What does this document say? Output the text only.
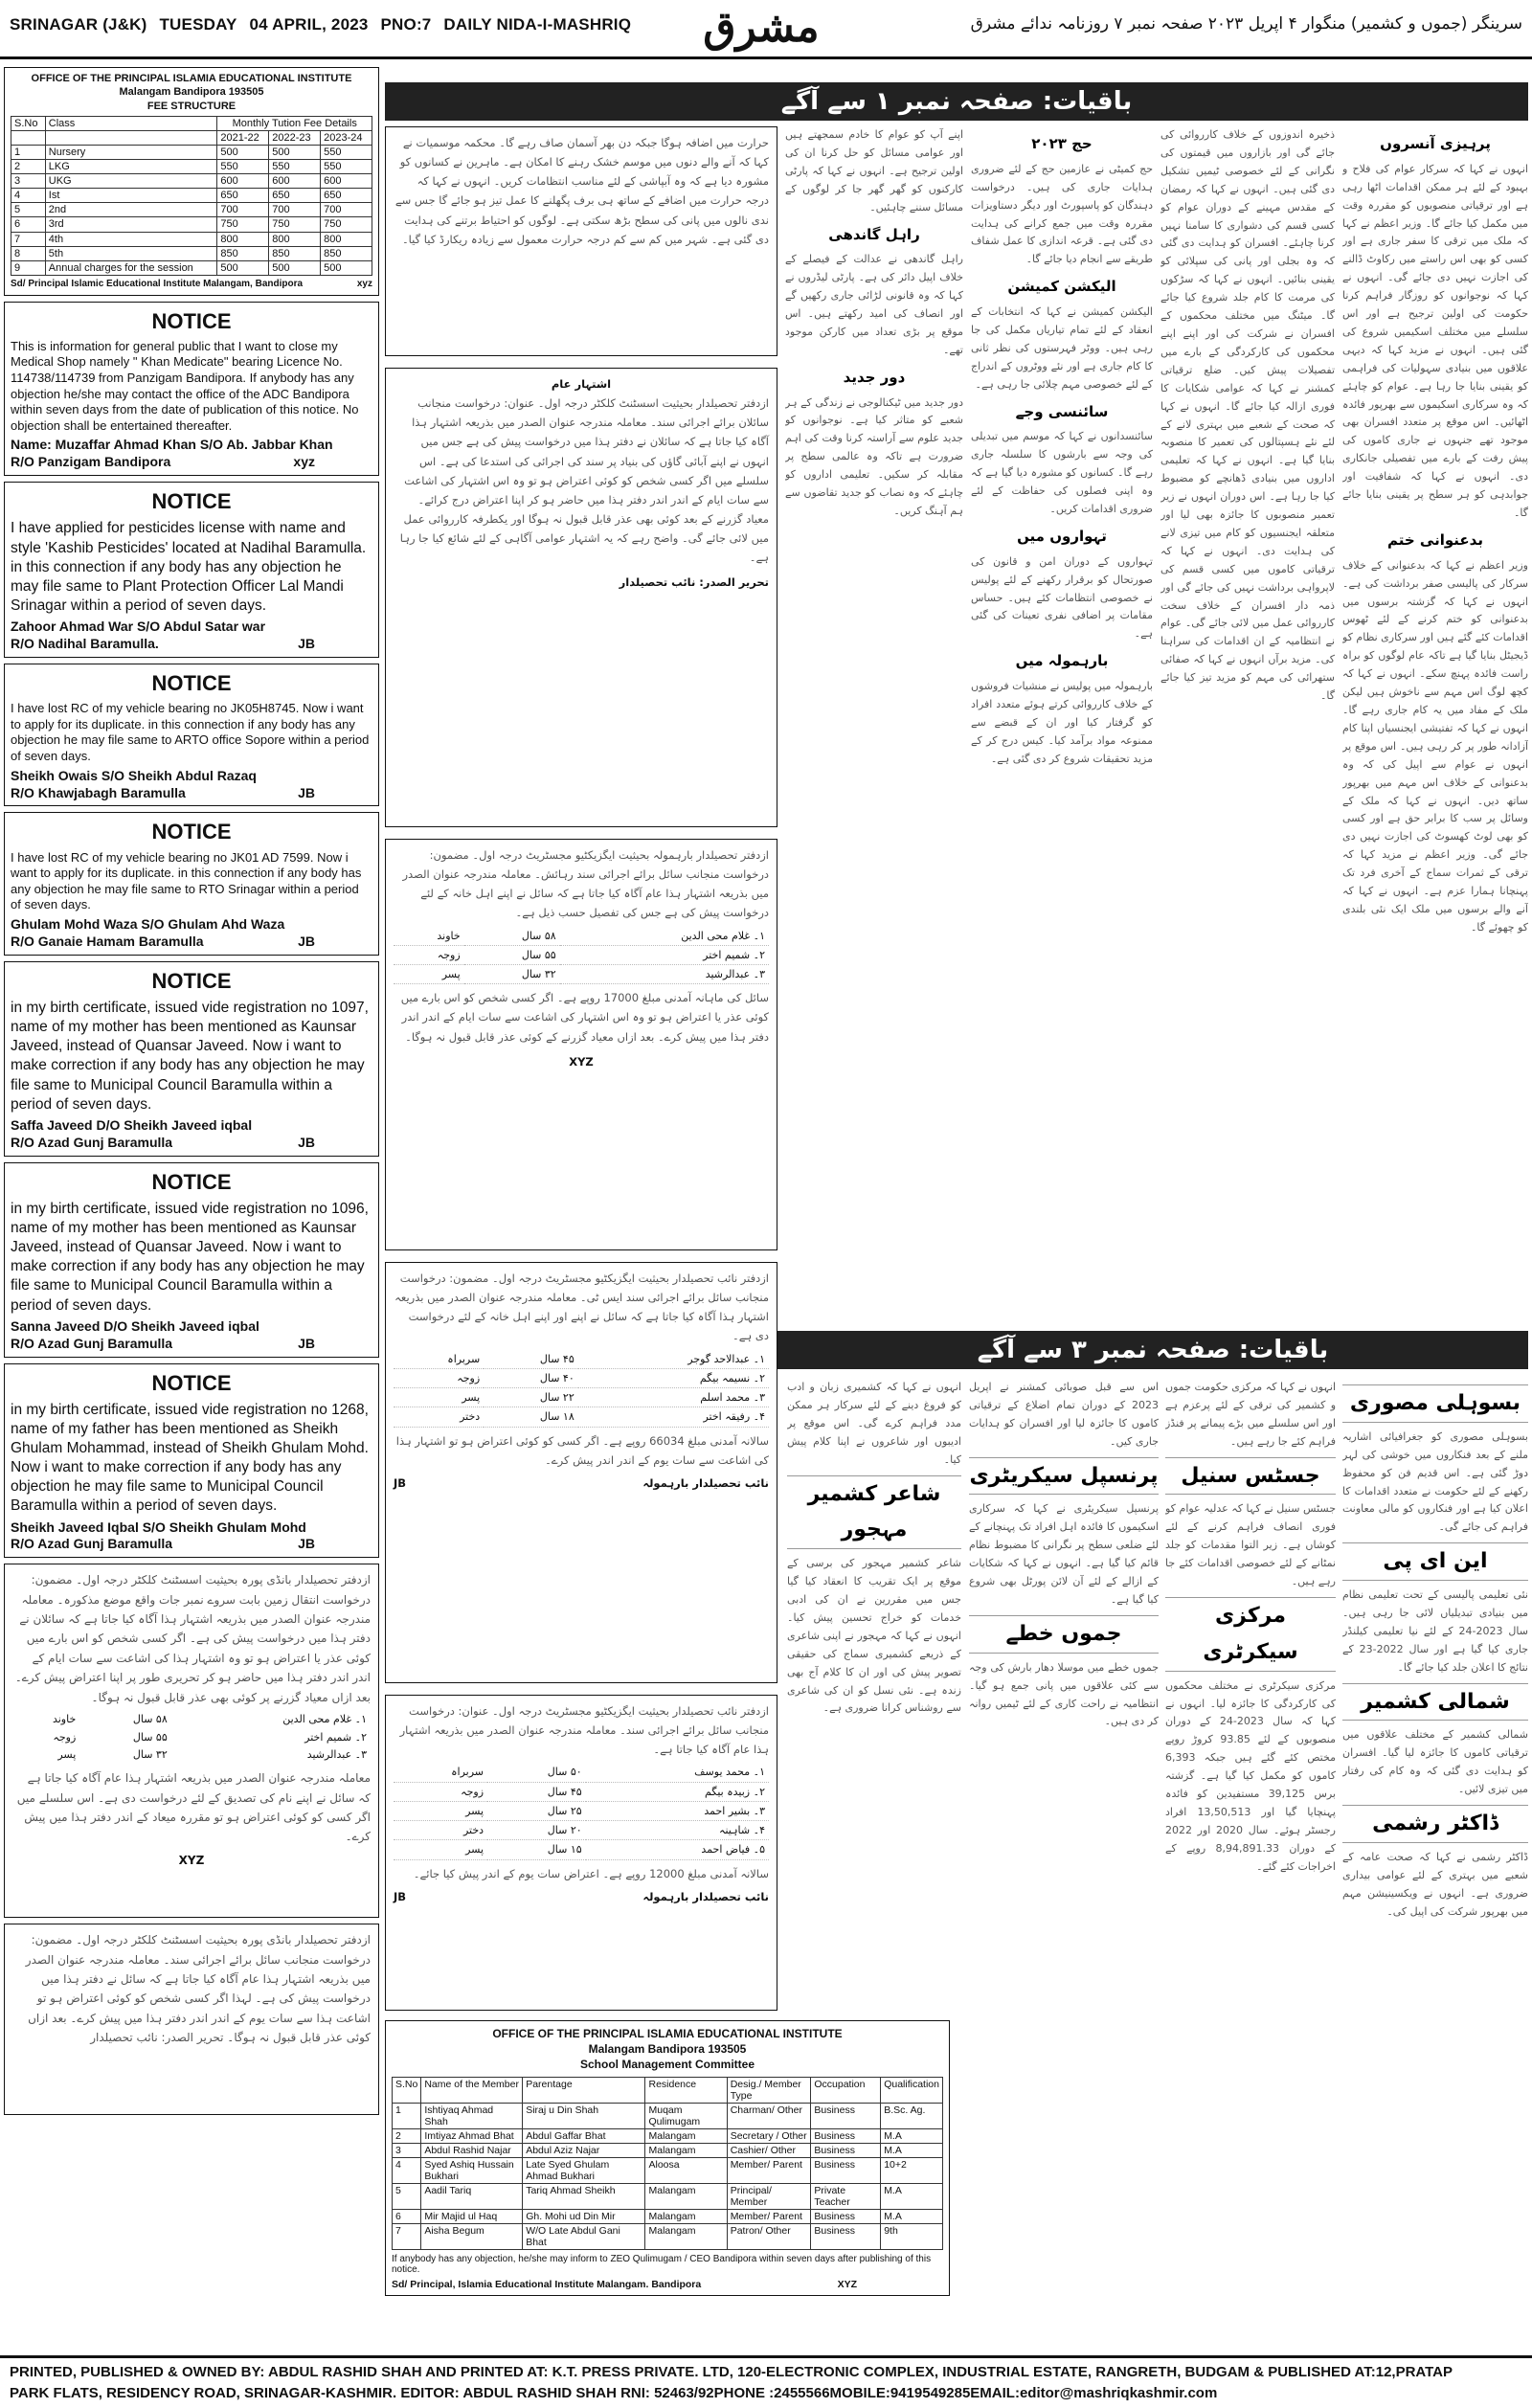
SRINAGAR (J&K) TUESDAY 04 APRIL, 2023 PNO:7 DAILY NIDA-I-MASHRIQ	مشرق	سرینگر (جموں و کشمیر) منگوار ۴ اپریل ۲۰۲۳ صفحہ نمبر ۷ روزنامہ ندائے مشرق
OFFICE OF THE PRINCIPAL ISLAMIA EDUCATIONAL INSTITUTE
Malangam Bandipora 193505
FEE STRUCTURE
S.No	Class	Monthly Tution Fee Details		
		2021-22	2022-23	2023-24
1	Nursery	500	500	550
2	LKG	550	550	550
3	UKG	600	600	600
4	Ist	650	650	650
5	2nd	700	700	700
6	3rd	750	750	750
7	4th	800	800	800
8	5th	850	850	850
9	Annual charges for the session	500	500	500
Sd/ Principal Islamic Educational Institute Malangam, Bandipora	xyz
NOTICE

This is information for general public that I want to close my Medical Shop namely " Khan Medicate" bearing Licence No. 114738/114739 from Panzigam Bandipora. If anybody has any objection he/she may contact the office of the ADC Bandipora within seven days from the date of publication of this notice. No objection shall be entertained thereafter.

Name: Muzaffar Ahmad Khan S/O Ab. Jabbar Khan
R/O Panzigam Bandipora	xyz
NOTICE

I have applied for pesticides license with name and style 'Kashib Pesticides' located at Nadihal Baramulla. in this connection if any body has any objection he may file same to Plant Protection Officer Lal Mandi Srinagar within a period of seven days.

Zahoor Ahmad War S/O Abdul Satar war
R/O Nadihal Baramulla.	JB
NOTICE

I have lost RC of my vehicle bearing no JK05H8745. Now i want to apply for its duplicate. in this connection if any body has any objection he may file same to ARTO office Sopore within a period of seven days.

Sheikh Owais S/O Sheikh Abdul Razaq
R/O Khawjabagh Baramulla	JB
NOTICE

I have lost RC of my vehicle bearing no JK01 AD 7599. Now i want to apply for its duplicate. in this connection if any body has any objection he may file same to RTO Srinagar within a period of seven days.

Ghulam Mohd Waza S/O Ghulam Ahd Waza
R/O Ganaie Hamam Baramulla	JB
NOTICE

in my birth certificate, issued vide registration no 1097, name of my mother has been mentioned as Kaunsar Javeed, instead of Quansar Javeed. Now i want to make correction if any body has any objection he may file same to Municipal Council Baramulla within a period of seven days.

Saffa Javeed D/O Sheikh Javeed iqbal
R/O Azad Gunj Baramulla	JB
NOTICE

in my birth certificate, issued vide registration no 1096, name of my mother has been mentioned as Kaunsar Javeed, instead of Quansar Javeed. Now i want to make correction if any body has any objection he may file same to Municipal Council Baramulla within a period of seven days.

Sanna Javeed D/O Sheikh Javeed iqbal
R/O Azad Gunj Baramulla	JB
NOTICE

in my birth certificate, issued vide registration no 1268, name of my father has been mentioned as Sheikh Ghulam Mohammad, instead of Sheikh Ghulam Mohd. Now i want to make correction if any body has any objection he may file same to Municipal Council Baramulla within a period of seven days.

Sheikh Javeed Iqbal S/O Sheikh Ghulam Mohd
R/O Azad Gunj Baramulla	JB
ازدفتر تحصیلدار بانڈی پورہ بحیثیت اسسٹنٹ کلکٹر درجہ اول۔ مضمون: درخواست انتقال زمین بابت سروے نمبر جات واقع موضع مذکورہ۔ معاملہ مندرجہ عنوان الصدر میں بذریعہ اشتہار ہذا آگاہ کیا جاتا ہے کہ سائلان نے دفتر ہذا میں درخواست پیش کی ہے۔ اگر کسی شخص کو اس بارے میں کوئی عذر یا اعتراض ہو تو وہ اشتہار ہذا کی اشاعت سے سات ایام کے اندر اندر دفتر ہذا میں حاضر ہو کر تحریری طور پر اپنا اعتراض پیش کرے۔ بعد ازاں معیاد گزرنے پر کوئی بھی عذر قابل قبول نہ ہوگا۔
۱۔ غلام محی الدین	۵۸ سال	خاوند
۲۔ شمیم اختر	۵۵ سال	زوجہ
۳۔ عبدالرشید	۳۲ سال	پسر
معاملہ مندرجہ عنوان الصدر میں بذریعہ اشتہار ہذا عام آگاہ کیا جاتا ہے کہ سائل نے اپنے نام کی تصدیق کے لئے درخواست دی ہے۔ اس سلسلے میں اگر کسی کو کوئی اعتراض ہو تو مقررہ میعاد کے اندر دفتر ہذا میں پیش کرے۔
XYZ
ازدفتر تحصیلدار بانڈی پورہ بحیثیت اسسٹنٹ کلکٹر درجہ اول۔ مضمون: درخواست منجانب سائل برائے اجرائی سند۔ معاملہ مندرجہ عنوان الصدر میں بذریعہ اشتہار ہذا عام آگاہ کیا جاتا ہے کہ سائل نے دفتر ہذا میں درخواست پیش کی ہے۔ لہذا اگر کسی شخص کو کوئی اعتراض ہو تو اشاعت ہذا سے سات یوم کے اندر اندر دفتر ہذا میں پیش کرے۔ بعد ازاں کوئی عذر قابل قبول نہ ہوگا۔ تحریر الصدر: نائب تحصیلدار
باقیات: صفحہ نمبر ۱ سے آگے
پرہیزی آنسروں
انہوں نے کہا کہ سرکار عوام کی فلاح و بہبود کے لئے ہر ممکن اقدامات اٹھا رہی ہے اور ترقیاتی منصوبوں کو مقررہ وقت میں مکمل کیا جائے گا۔ وزیر اعظم نے کہا کہ ملک میں ترقی کا سفر جاری ہے اور کسی کو بھی اس راستے میں رکاوٹ ڈالنے کی اجازت نہیں دی جائے گی۔ انہوں نے کہا کہ نوجوانوں کو روزگار فراہم کرنا حکومت کی اولین ترجیح ہے اور اس سلسلے میں مختلف اسکیمیں شروع کی گئی ہیں۔ انہوں نے مزید کہا کہ دیہی علاقوں میں بنیادی سہولیات کی فراہمی کو یقینی بنایا جا رہا ہے۔ عوام کو چاہئے کہ وہ سرکاری اسکیموں سے بھرپور فائدہ اٹھائیں۔ اس موقع پر متعدد افسران بھی موجود تھے جنہوں نے جاری کاموں کی پیش رفت کے بارے میں تفصیلی جانکاری دی۔ انہوں نے کہا کہ شفافیت اور جوابدہی کو ہر سطح پر یقینی بنایا جائے گا۔
بدعنوانی ختم
وزیر اعظم نے کہا کہ بدعنوانی کے خلاف سرکار کی پالیسی صفر برداشت کی ہے۔ انہوں نے کہا کہ گزشتہ برسوں میں بدعنوانی کو ختم کرنے کے لئے ٹھوس اقدامات کئے گئے ہیں اور سرکاری نظام کو ڈیجیٹل بنایا گیا ہے تاکہ عام لوگوں کو براہ راست فائدہ پہنچ سکے۔ انہوں نے کہا کہ کچھ لوگ اس مہم سے ناخوش ہیں لیکن ملک کے مفاد میں یہ کام جاری رہے گا۔ انہوں نے کہا کہ تفتیشی ایجنسیاں اپنا کام آزادانہ طور پر کر رہی ہیں۔ اس موقع پر انہوں نے عوام سے اپیل کی کہ وہ بدعنوانی کے خلاف اس مہم میں بھرپور ساتھ دیں۔ انہوں نے کہا کہ ملک کے وسائل پر سب کا برابر حق ہے اور کسی کو بھی لوٹ کھسوٹ کی اجازت نہیں دی جائے گی۔ وزیر اعظم نے مزید کہا کہ ترقی کے ثمرات سماج کے آخری فرد تک پہنچانا ہمارا عزم ہے۔ انہوں نے کہا کہ آنے والے برسوں میں ملک ایک نئی بلندی کو چھوئے گا۔
ذخیرہ اندوزوں کے خلاف کارروائی کی جائے گی اور بازاروں میں قیمتوں کی نگرانی کے لئے خصوصی ٹیمیں تشکیل دی گئی ہیں۔ انہوں نے کہا کہ رمضان کے مقدس مہینے کے دوران عوام کو کسی قسم کی دشواری کا سامنا نہیں کرنا چاہئے۔ افسران کو ہدایت دی گئی کہ وہ بجلی اور پانی کی سپلائی کو یقینی بنائیں۔ انہوں نے کہا کہ سڑکوں کی مرمت کا کام جلد شروع کیا جائے گا۔ میٹنگ میں مختلف محکموں کے افسران نے شرکت کی اور اپنے اپنے محکموں کی کارکردگی کے بارے میں تفصیلات پیش کیں۔ ضلع ترقیاتی کمشنر نے کہا کہ عوامی شکایات کا فوری ازالہ کیا جائے گا۔ انہوں نے کہا کہ صحت کے شعبے میں بہتری لانے کے لئے نئے ہسپتالوں کی تعمیر کا منصوبہ بنایا گیا ہے۔ انہوں نے کہا کہ تعلیمی اداروں میں بنیادی ڈھانچے کو مضبوط کیا جا رہا ہے۔ اس دوران انہوں نے زیر تعمیر منصوبوں کا جائزہ بھی لیا اور متعلقہ ایجنسیوں کو کام میں تیزی لانے کی ہدایت دی۔ انہوں نے کہا کہ ترقیاتی کاموں میں کسی قسم کی لاپرواہی برداشت نہیں کی جائے گی اور ذمہ دار افسران کے خلاف سخت کارروائی عمل میں لائی جائے گی۔ عوام نے انتظامیہ کے ان اقدامات کی سراہنا کی۔ مزید برآں انہوں نے کہا کہ صفائی ستھرائی کی مہم کو مزید تیز کیا جائے گا۔
حج ۲۰۲۳
حج کمیٹی نے عازمین حج کے لئے ضروری ہدایات جاری کی ہیں۔ درخواست دہندگان کو پاسپورٹ اور دیگر دستاویزات مقررہ وقت میں جمع کرانے کی ہدایت دی گئی ہے۔ قرعہ اندازی کا عمل شفاف طریقے سے انجام دیا جائے گا۔
الیکشن کمیشن
الیکشن کمیشن نے کہا کہ انتخابات کے انعقاد کے لئے تمام تیاریاں مکمل کی جا رہی ہیں۔ ووٹر فہرستوں کی نظر ثانی کا کام جاری ہے اور نئے ووٹروں کے اندراج کے لئے خصوصی مہم چلائی جا رہی ہے۔
سائنسی وجے
سائنسدانوں نے کہا کہ موسم میں تبدیلی کی وجہ سے بارشوں کا سلسلہ جاری رہے گا۔ کسانوں کو مشورہ دیا گیا ہے کہ وہ اپنی فصلوں کی حفاظت کے لئے ضروری اقدامات کریں۔
تہواروں میں
تہواروں کے دوران امن و قانون کی صورتحال کو برقرار رکھنے کے لئے پولیس نے خصوصی انتظامات کئے ہیں۔ حساس مقامات پر اضافی نفری تعینات کی گئی ہے۔
بارہمولہ میں
بارہمولہ میں پولیس نے منشیات فروشوں کے خلاف کارروائی کرتے ہوئے متعدد افراد کو گرفتار کیا اور ان کے قبضے سے ممنوعہ مواد برآمد کیا۔ کیس درج کر کے مزید تحقیقات شروع کر دی گئی ہے۔
اپنے آپ کو عوام کا خادم سمجھتے ہیں اور عوامی مسائل کو حل کرنا ان کی اولین ترجیح ہے۔ انہوں نے کہا کہ پارٹی کارکنوں کو گھر گھر جا کر لوگوں کے مسائل سننے چاہئیں۔
راہل گاندھی
راہل گاندھی نے عدالت کے فیصلے کے خلاف اپیل دائر کی ہے۔ پارٹی لیڈروں نے کہا کہ وہ قانونی لڑائی جاری رکھیں گے اور انصاف کی امید رکھتے ہیں۔ اس موقع پر بڑی تعداد میں کارکن موجود تھے۔
دور جدید
دور جدید میں ٹیکنالوجی نے زندگی کے ہر شعبے کو متاثر کیا ہے۔ نوجوانوں کو جدید علوم سے آراستہ کرنا وقت کی اہم ضرورت ہے تاکہ وہ عالمی سطح پر مقابلہ کر سکیں۔ تعلیمی اداروں کو چاہئے کہ وہ نصاب کو جدید تقاضوں سے ہم آہنگ کریں۔
حرارت میں اضافہ ہوگا جبکہ دن بھر آسمان صاف رہے گا۔ محکمہ موسمیات نے کہا کہ آنے والے دنوں میں موسم خشک رہنے کا امکان ہے۔ ماہرین نے کسانوں کو مشورہ دیا ہے کہ وہ آبپاشی کے لئے مناسب انتظامات کریں۔ انہوں نے کہا کہ درجہ حرارت میں اضافے کے ساتھ ہی برف پگھلنے کا عمل تیز ہو جائے گا جس سے ندی نالوں میں پانی کی سطح بڑھ سکتی ہے۔ لوگوں کو احتیاط برتنے کی ہدایت دی گئی ہے۔ شہر میں کم سے کم درجہ حرارت معمول سے زیادہ ریکارڈ کیا گیا۔
اشتہار عام
ازدفتر تحصیلدار بحیثیت اسسٹنٹ کلکٹر درجہ اول۔ عنوان: درخواست منجانب سائلان برائے اجرائی سند۔ معاملہ مندرجہ عنوان الصدر میں بذریعہ اشتہار ہذا آگاہ کیا جاتا ہے کہ سائلان نے دفتر ہذا میں درخواست پیش کی ہے جس میں انہوں نے اپنے آبائی گاؤں کی بنیاد پر سند کی اجرائی کی استدعا کی ہے۔ اس سلسلے میں اگر کسی شخص کو کوئی اعتراض ہو تو وہ اس اشتہار کی اشاعت سے سات ایام کے اندر اندر دفتر ہذا میں حاضر ہو کر اپنا اعتراض درج کرائے۔ معیاد گزرنے کے بعد کوئی بھی عذر قابل قبول نہ ہوگا اور یکطرفہ کارروائی عمل میں لائی جائے گی۔ واضح رہے کہ یہ اشتہار عوامی آگاہی کے لئے شائع کیا جا رہا ہے۔
تحریر الصدر: نائب تحصیلدار
ازدفتر تحصیلدار بارہمولہ بحیثیت ایگزیکٹیو مجسٹریٹ درجہ اول۔ مضمون: درخواست منجانب سائل برائے اجرائی سند رہائش۔ معاملہ مندرجہ عنوان الصدر میں بذریعہ اشتہار ہذا عام آگاہ کیا جاتا ہے کہ سائل نے اپنے اہل خانہ کے لئے درخواست پیش کی ہے جس کی تفصیل حسب ذیل ہے۔
۱۔ غلام محی الدین	۵۸ سال	خاوند
۲۔ شمیم اختر	۵۵ سال	زوجہ
۳۔ عبدالرشید	۳۲ سال	پسر
سائل کی ماہانہ آمدنی مبلغ 17000 روپے ہے۔ اگر کسی شخص کو اس بارے میں کوئی عذر یا اعتراض ہو تو وہ اس اشتہار کی اشاعت سے سات ایام کے اندر اندر دفتر ہذا میں پیش کرے۔ بعد ازاں معیاد گزرنے کے کوئی عذر قابل قبول نہ ہوگا۔
XYZ
ازدفتر نائب تحصیلدار بحیثیت ایگزیکٹیو مجسٹریٹ درجہ اول۔ مضمون: درخواست منجانب سائل برائے اجرائی سند ایس ٹی۔ معاملہ مندرجہ عنوان الصدر میں بذریعہ اشتہار ہذا آگاہ کیا جاتا ہے کہ سائل نے اپنے اور اپنے اہل خانہ کے لئے درخواست دی ہے۔
۱۔ عبدالاحد گوجر	۴۵ سال	سربراہ
۲۔ نسیمہ بیگم	۴۰ سال	زوجہ
۳۔ محمد اسلم	۲۲ سال	پسر
۴۔ رفیقہ اختر	۱۸ سال	دختر
سالانہ آمدنی مبلغ 66034 روپے ہے۔ اگر کسی کو کوئی اعتراض ہو تو اشتہار ہذا کی اشاعت سے سات یوم کے اندر اندر پیش کرے۔
نائب تحصیلدار بارہمولہ
JB
ازدفتر نائب تحصیلدار بحیثیت ایگزیکٹیو مجسٹریٹ درجہ اول۔ عنوان: درخواست منجانب سائل برائے اجرائی سند۔ معاملہ مندرجہ عنوان الصدر میں بذریعہ اشتہار ہذا عام آگاہ کیا جاتا ہے۔
۱۔ محمد یوسف	۵۰ سال	سربراہ
۲۔ زبیدہ بیگم	۴۵ سال	زوجہ
۳۔ بشیر احمد	۲۵ سال	پسر
۴۔ شاہینہ	۲۰ سال	دختر
۵۔ فیاض احمد	۱۵ سال	پسر
سالانہ آمدنی مبلغ 12000 روپے ہے۔ اعتراض سات یوم کے اندر پیش کیا جائے۔
نائب تحصیلدار بارہمولہ
JB
باقیات: صفحہ نمبر ۳ سے آگے
بسوہلی مصوری
بسوہلی مصوری کو جغرافیائی اشاریہ ملنے کے بعد فنکاروں میں خوشی کی لہر دوڑ گئی ہے۔ اس قدیم فن کو محفوظ رکھنے کے لئے حکومت نے متعدد اقدامات کا اعلان کیا ہے اور فنکاروں کو مالی معاونت فراہم کی جائے گی۔
این ای پی
نئی تعلیمی پالیسی کے تحت تعلیمی نظام میں بنیادی تبدیلیاں لائی جا رہی ہیں۔ سال 2023-24 کے لئے نیا تعلیمی کیلنڈر جاری کیا گیا ہے اور سال 2022-23 کے نتائج کا اعلان جلد کیا جائے گا۔
شمالی کشمیر
شمالی کشمیر کے مختلف علاقوں میں ترقیاتی کاموں کا جائزہ لیا گیا۔ افسران کو ہدایت دی گئی کہ وہ کام کی رفتار میں تیزی لائیں۔
ڈاکٹر رشمی
ڈاکٹر رشمی نے کہا کہ صحت عامہ کے شعبے میں بہتری کے لئے عوامی بیداری ضروری ہے۔ انہوں نے ویکسینیشن مہم میں بھرپور شرکت کی اپیل کی۔
انہوں نے کہا کہ مرکزی حکومت جموں و کشمیر کی ترقی کے لئے پرعزم ہے اور اس سلسلے میں بڑے پیمانے پر فنڈز فراہم کئے جا رہے ہیں۔
جسٹس سنیل
جسٹس سنیل نے کہا کہ عدلیہ عوام کو فوری انصاف فراہم کرنے کے لئے کوشاں ہے۔ زیر التوا مقدمات کو جلد نمٹانے کے لئے خصوصی اقدامات کئے جا رہے ہیں۔
مرکزی سیکرٹری
مرکزی سیکرٹری نے مختلف محکموں کی کارکردگی کا جائزہ لیا۔ انہوں نے کہا کہ سال 2023-24 کے دوران منصوبوں کے لئے 93.85 کروڑ روپے مختص کئے گئے ہیں جبکہ 6,393 کاموں کو مکمل کیا گیا ہے۔ گزشتہ برس 39,125 مستفیدین کو فائدہ پہنچایا گیا اور 13,50,513 افراد رجسٹر ہوئے۔ سال 2020 اور 2022 کے دوران 8,94,891.33 روپے کے اخراجات کئے گئے۔
اس سے قبل صوبائی کمشنر نے اپریل 2023 کے دوران تمام اضلاع کے ترقیاتی کاموں کا جائزہ لیا اور افسران کو ہدایات جاری کیں۔
پرنسپل سیکریٹری
پرنسپل سیکریٹری نے کہا کہ سرکاری اسکیموں کا فائدہ اہل افراد تک پہنچانے کے لئے ضلعی سطح پر نگرانی کا مضبوط نظام قائم کیا گیا ہے۔ انہوں نے کہا کہ شکایات کے ازالے کے لئے آن لائن پورٹل بھی شروع کیا گیا ہے۔
جموں خطے
جموں خطے میں موسلا دھار بارش کی وجہ سے کئی علاقوں میں پانی جمع ہو گیا۔ انتظامیہ نے راحت کاری کے لئے ٹیمیں روانہ کر دی ہیں۔
انہوں نے کہا کہ کشمیری زبان و ادب کو فروغ دینے کے لئے سرکار ہر ممکن مدد فراہم کرے گی۔ اس موقع پر ادیبوں اور شاعروں نے اپنا کلام پیش کیا۔
شاعر کشمیر مہجور
شاعر کشمیر مہجور کی برسی کے موقع پر ایک تقریب کا انعقاد کیا گیا جس میں مقررین نے ان کی ادبی خدمات کو خراج تحسین پیش کیا۔ انہوں نے کہا کہ مہجور نے اپنی شاعری کے ذریعے کشمیری سماج کی حقیقی تصویر پیش کی اور ان کا کلام آج بھی زندہ ہے۔ نئی نسل کو ان کی شاعری سے روشناس کرانا ضروری ہے۔
OFFICE OF THE PRINCIPAL ISLAMIA EDUCATIONAL INSTITUTE
Malangam Bandipora 193505
School Management Committee
S.No	Name of the Member	Parentage	Residence	Desig./ Member Type	Occupation	Qualification
1	Ishtiyaq Ahmad Shah	Siraj u Din Shah	Muqam Qulimugam	Charman/ Other	Business	B.Sc. Ag.
2	Imtiyaz Ahmad Bhat	Abdul Gaffar Bhat	Malangam	Secretary / Other	Business	M.A
3	Abdul Rashid Najar	Abdul Aziz Najar	Malangam	Cashier/ Other	Business	M.A
4	Syed Ashiq Hussain Bukhari	Late Syed Ghulam Ahmad Bukhari	Aloosa	Member/ Parent	Business	10+2
5	Aadil Tariq	Tariq Ahmad Sheikh	Malangam	Principal/ Member	Private Teacher	M.A
6	Mir Majid ul Haq	Gh. Mohi ud Din Mir	Malangam	Member/ Parent	Business	M.A
7	Aisha Begum	W/O Late Abdul Gani Bhat	Malangam	Patron/ Other	Business	9th
If anybody has any objection, he/she may inform to ZEO Qulimugam / CEO Bandipora within seven days after publishing of this notice.
Sd/ Principal, Islamia Educational Institute Malangam. Bandipora	XYZ
PRINTED, PUBLISHED & OWNED BY: ABDUL RASHID SHAH AND PRINTED AT: K.T. PRESS PRIVATE. LTD, 120-ELECTRONIC COMPLEX, INDUSTRIAL ESTATE, RANGRETH, BUDGAM & PUBLISHED AT:12,PRATAP
PARK FLATS, RESIDENCY ROAD, SRINAGAR-KASHMIR. EDITOR: ABDUL RASHID SHAH RNI: 52463/92PHONE :2455566MOBILE:9419549285EMAIL:editor@mashriqkashmir.com
